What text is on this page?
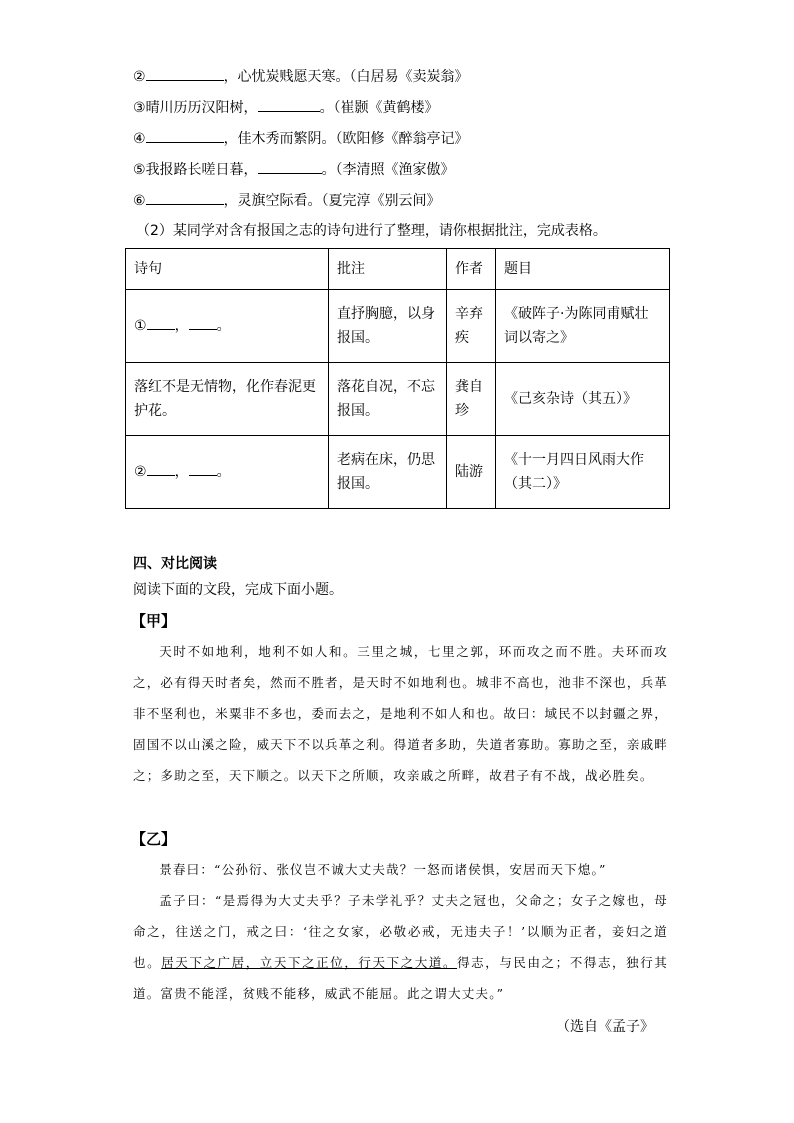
②	，心忧炭贱愿天寒。（白居易《卖炭翁》
③晴川历历汉阳树，	。（崔颢《黄鹤楼》
④	，佳木秀而繁阴。（欧阳修《醉翁亭记》
⑤我报路长嗟日暮，	。（李清照《渔家傲》
⑥	，灵旗空际看。（夏完淳《别云间》
（2）某同学对含有报国之志的诗句进行了整理，请你根据批注，完成表格。
诗句	批注	作者	题目
① ， 。	直抒胸臆，以身报国。	辛弃疾	《破阵子·为陈同甫赋壮词以寄之》
落红不是无情物，化作春泥更护花。	落花自况，不忘报国。	龚自珍	《己亥杂诗（其五）》
② ， 。	老病在床，仍思报国。	陆游	《十一月四日风雨大作（其二）》
四、对比阅读
阅读下面的文段，完成下面小题。
【甲】

天时不如地利，地利不如人和。三里之城，七里之郭，环而攻之而不胜。夫环而攻之，必有得天时者矣，然而不胜者，是天时不如地利也。城非不高也，池非不深也，兵革非不坚利也，米粟非不多也，委而去之，是地利不如人和也。故曰：域民不以封疆之界，固国不以山溪之险，威天下不以兵革之利。得道者多助，失道者寡助。寡助之至，亲戚畔之；多助之至，天下顺之。以天下之所顺，攻亲戚之所畔，故君子有不战，战必胜矣。

【乙】

景春曰：“公孙衍、张仪岂不诚大丈夫哉？一怒而诸侯惧，安居而天下熄。”

孟子曰：“是焉得为大丈夫乎？子未学礼乎？丈夫之冠也，父命之；女子之嫁也，母命之，往送之门，戒之曰：‘往之女家，必敬必戒，无违夫子！’以顺为正者，妾妇之道也。居天下之广居，立天下之正位，行天下之大道。得志，与民由之；不得志，独行其道。富贵不能淫，贫贱不能移，威武不能屈。此之谓大丈夫。”

（选自《孟子》
